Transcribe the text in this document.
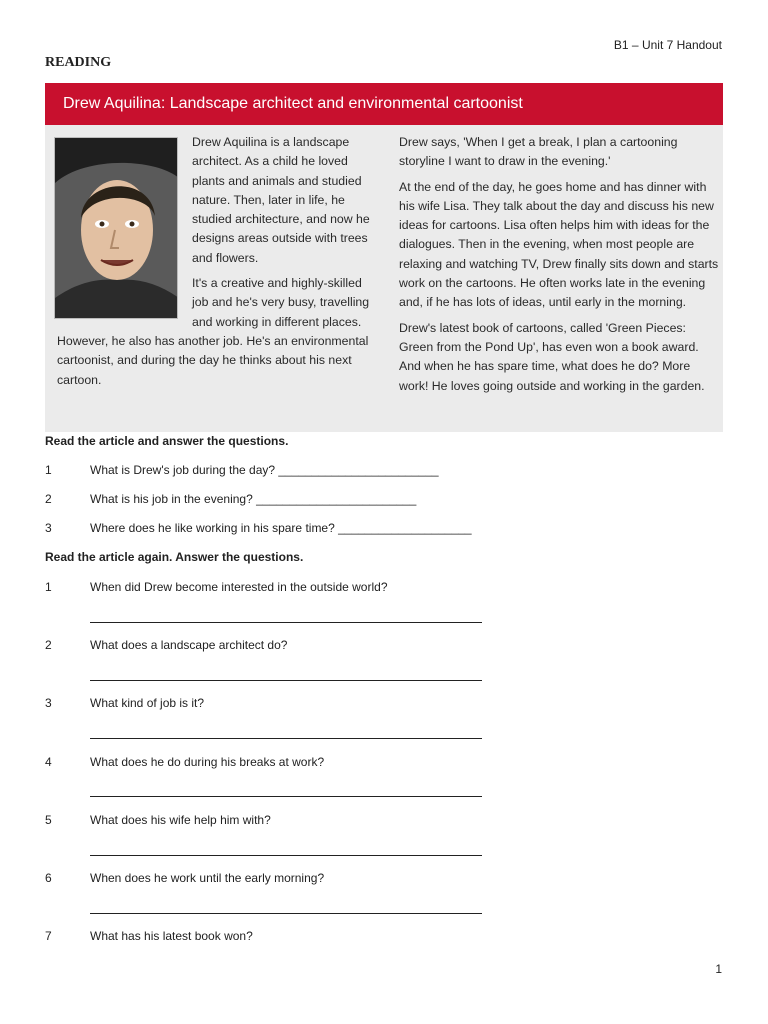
B1 – Unit 7 Handout
READING
Drew Aquilina: Landscape architect and environmental cartoonist

Drew Aquilina is a landscape architect. As a child he loved plants and animals and studied nature. Then, later in life, he studied architecture, and now he designs areas outside with trees and flowers.

It's a creative and highly-skilled job and he's very busy, travelling and working in different places. However, he also has another job. He's an environmental cartoonist, and during the day he thinks about his next cartoon.

Drew says, 'When I get a break, I plan a cartooning storyline I want to draw in the evening.'

At the end of the day, he goes home and has dinner with his wife Lisa. They talk about the day and discuss his new ideas for cartoons. Lisa often helps him with ideas for the dialogues. Then in the evening, when most people are relaxing and watching TV, Drew finally sits down and starts work on the cartoons. He often works late in the evening and, if he has lots of ideas, until early in the morning.

Drew's latest book of cartoons, called 'Green Pieces: Green from the Pond Up', has even won a book award. And when he has spare time, what does he do? More work! He loves going outside and working in the garden.

Read the article and answer the questions.
1	What is Drew's job during the day? ________________________
2	What is his job in the evening? ________________________
3	Where does he like working in his spare time? ____________________
Read the article again. Answer the questions.
1	When did Drew become interested in the outside world?
2	What does a landscape architect do?
3	What kind of job is it?
4	What does he do during his breaks at work?
5	What does his wife help him with?
6	When does he work until the early morning?
7	What has his latest book won?
1
